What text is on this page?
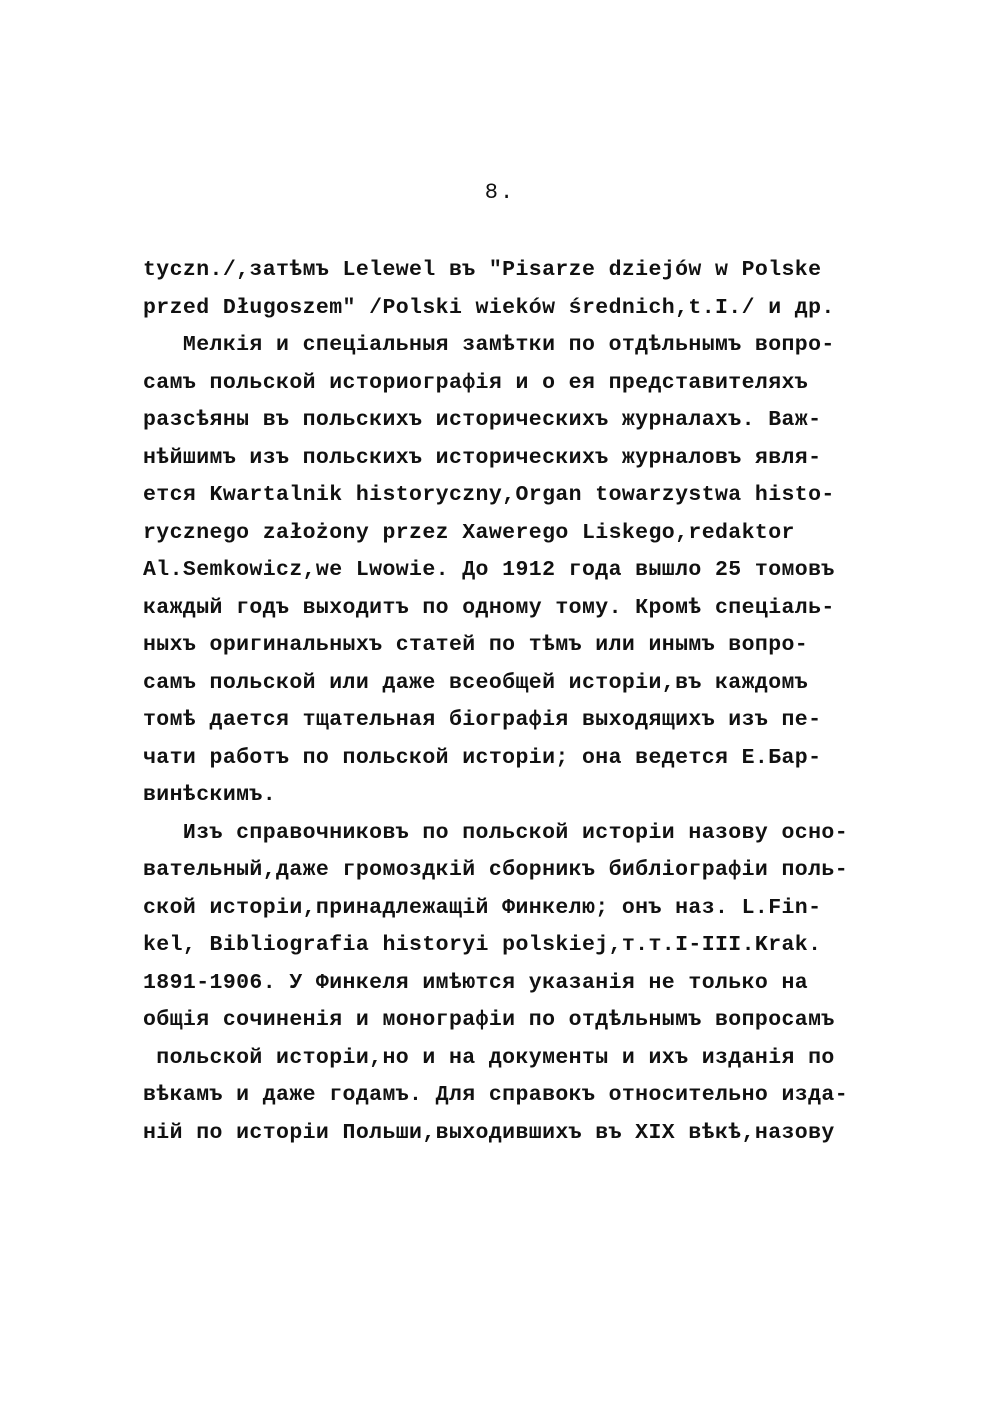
8.
tyczn./,затѣмъ Lelewel въ "Pisarze dziejów w Polske
przed Długoszem" /Polski wieków średnich,t.I./ и др.
Мелкія и спеціальныя замѣтки по отдѣльнымъ вопро-
самъ польской историографія и о ея представителяхъ
разсѣяны въ польскихъ историческихъ журналахъ. Важ-
нѣйшимъ изъ польскихъ историческихъ журналовъ явля-
ется Kwartalnik historyczny,Organ towarzystwa histo-
rycznego założony przez Xawerego Liskego,redaktor
Al.Semkowicz,we Lwowie. До 1912 года вышло 25 томовъ
каждый годъ выходитъ по одному тому. Кромѣ спеціаль-
ныхъ оригинальныхъ статей по тѣмъ или инымъ вопро-
самъ польской или даже всеобщей исторіи,въ каждомъ
томѣ дается тщательная біографія выходящихъ изъ пе-
чати работъ по польской исторіи; она ведется Е.Бар-
винѣскимъ.
Изъ справочниковъ по польской исторіи назову осно-
вательный,даже громоздкій сборникъ библіографіи поль-
ской исторіи,принадлежащій Финкелю; онъ наз. L.Fin-
kel, Bibliografia historyi polskiej,т.т.I-III.Krak.
1891-1906. У Финкеля имѣются указанія не только на
общія сочиненія и монографіи по отдѣльнымъ вопросамъ
польской исторіи,но и на документы и ихъ изданія по
вѣкамъ и даже годамъ. Для справокъ относительно изда-
ній по исторіи Польши,выходившихъ въ XIX вѣкѣ,назову
